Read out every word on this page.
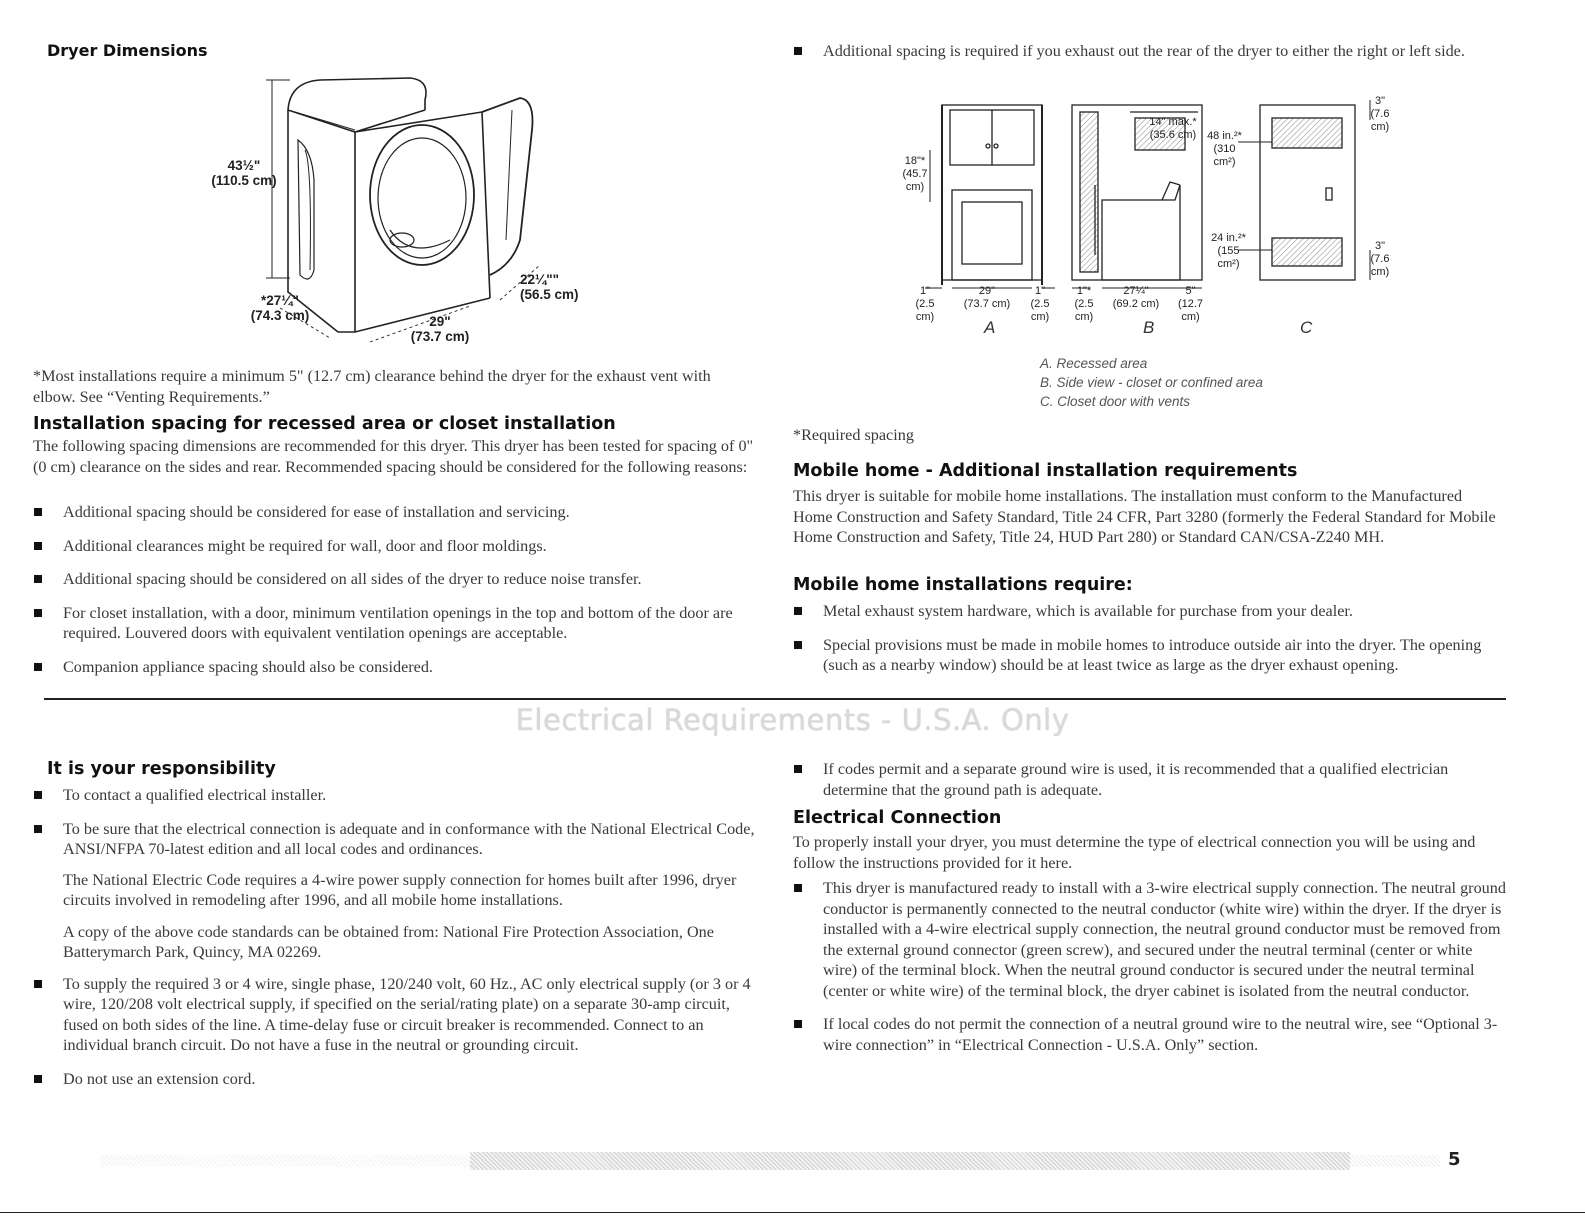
Dryer Dimensions
43½"
(110.5 cm)
*27¼"
(74.3 cm)	29"
(73.7 cm)
22¼""
(56.5 cm)
*Most installations require a minimum 5" (12.7 cm) clearance behind the dryer for the exhaust vent with elbow. See “Venting Requirements.”
Installation spacing for recessed area or closet installation
The following spacing dimensions are recommended for this dryer. This dryer has been tested for spacing of 0" (0 cm) clearance on the sides and rear. Recommended spacing should be considered for the following reasons:
Additional spacing should be considered for ease of installation and servicing.
Additional clearances might be required for wall, door and floor moldings.
Additional spacing should be considered on all sides of the dryer to reduce noise transfer.
For closet installation, with a door, minimum ventilation openings in the top and bottom of the door are required. Louvered doors with equivalent ventilation openings are acceptable.
Companion appliance spacing should also be considered.
Additional spacing is required if you exhaust out the rear of the dryer to either the right or left side.
18"*
(45.7 cm)
1"
(2.5 cm)
29"
(73.7 cm)
1"
(2.5 cm)
14" max.*
(35.6 cm)
1"*
(2.5 cm)
27¼"
(69.2 cm)
5"
(12.7 cm)
48 in.²*
(310 cm²)
24 in.²*
(155 cm²)
3"
(7.6 cm)
3"
(7.6 cm)
A	B	C
A. Recessed area
B. Side view - closet or confined area
C. Closet door with vents
*Required spacing
Mobile home - Additional installation requirements
This dryer is suitable for mobile home installations. The installation must conform to the Manufactured Home Construction and Safety Standard, Title 24 CFR, Part 3280 (formerly the Federal Standard for Mobile Home Construction and Safety, Title 24, HUD Part 280) or Standard CAN/CSA-Z240 MH.
Mobile home installations require:
Metal exhaust system hardware, which is available for purchase from your dealer.
Special provisions must be made in mobile homes to introduce outside air into the dryer. The opening (such as a nearby window) should be at least twice as large as the dryer exhaust opening.
Electrical Requirements - U.S.A. Only
It is your responsibility
To contact a qualified electrical installer.
To be sure that the electrical connection is adequate and in conformance with the National Electrical Code, ANSI/NFPA 70-latest edition and all local codes and ordinances.

The National Electric Code requires a 4-wire power supply connection for homes built after 1996, dryer circuits involved in remodeling after 1996, and all mobile home installations.

A copy of the above code standards can be obtained from: National Fire Protection Association, One Batterymarch Park, Quincy, MA 02269.

To supply the required 3 or 4 wire, single phase, 120/240 volt, 60 Hz., AC only electrical supply (or 3 or 4 wire, 120/208 volt electrical supply, if specified on the serial/rating plate) on a separate 30-amp circuit, fused on both sides of the line. A time-delay fuse or circuit breaker is recommended. Connect to an individual branch circuit. Do not have a fuse in the neutral or grounding circuit.
Do not use an extension cord.
If codes permit and a separate ground wire is used, it is recommended that a qualified electrician determine that the ground path is adequate.
Electrical Connection
To properly install your dryer, you must determine the type of electrical connection you will be using and follow the instructions provided for it here.
This dryer is manufactured ready to install with a 3-wire electrical supply connection. The neutral ground conductor is permanently connected to the neutral conductor (white wire) within the dryer. If the dryer is installed with a 4-wire electrical supply connection, the neutral ground conductor must be removed from the external ground connector (green screw), and secured under the neutral terminal (center or white wire) of the terminal block. When the neutral ground conductor is secured under the neutral terminal (center or white wire) of the terminal block, the dryer cabinet is isolated from the neutral conductor.
If local codes do not permit the connection of a neutral ground wire to the neutral wire, see “Optional 3-wire connection” in “Electrical Connection - U.S.A. Only” section.
5
